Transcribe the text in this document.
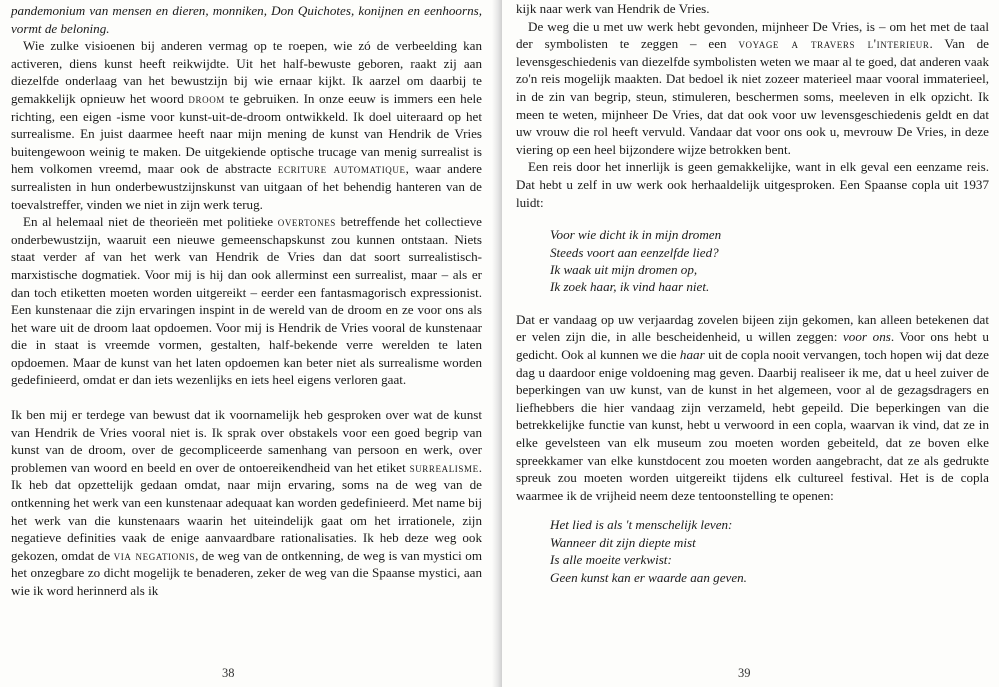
pandemonium van mensen en dieren, monniken, Don Quichotes, konijnen en eenhoorns, vormt de beloning.

Wie zulke visioenen bij anderen vermag op te roepen, wie zó de verbeelding kan activeren, diens kunst heeft reikwijdte. Uit het half-bewuste geboren, raakt zij aan diezelfde onderlaag van het bewustzijn bij wie ernaar kijkt. Ik aarzel om daarbij te gemakkelijk opnieuw het woord droom te gebruiken. In onze eeuw is immers een hele richting, een eigen -isme voor kunst-uit-de-droom ontwikkeld. Ik doel uiteraard op het surrealisme. En juist daarmee heeft naar mijn mening de kunst van Hendrik de Vries buitengewoon weinig te maken. De uitgekiende optische trucage van menig surrealist is hem volkomen vreemd, maar ook de abstracte ecriture automatique, waar andere surrealisten in hun onderbewustzijnskunst van uitgaan of het behendig hanteren van de toevalstreffer, vinden we niet in zijn werk terug.

En al helemaal niet de theorieën met politieke overtones betreffende het collectieve onderbewustzijn, waaruit een nieuwe gemeenschapskunst zou kunnen ontstaan. Niets staat verder af van het werk van Hendrik de Vries dan dat soort surrealistisch-marxistische dogmatiek. Voor mij is hij dan ook allerminst een surrealist, maar – als er dan toch etiketten moeten worden uitgereikt – eerder een fantasmagorisch expressionist. Een kunstenaar die zijn ervaringen inspint in de wereld van de droom en ze voor ons als het ware uit de droom laat opdoemen. Voor mij is Hendrik de Vries vooral de kunstenaar die in staat is vreemde vormen, gestalten, half-bekende verre werelden te laten opdoemen. Maar de kunst van het laten opdoemen kan beter niet als surrealisme worden gedefinieerd, omdat er dan iets wezenlijks en iets heel eigens verloren gaat.

Ik ben mij er terdege van bewust dat ik voornamelijk heb gesproken over wat de kunst van Hendrik de Vries vooral niet is. Ik sprak over obstakels voor een goed begrip van kunst van de droom, over de gecompliceerde samenhang van persoon en werk, over problemen van woord en beeld en over de ontoereikendheid van het etiket surrealisme. Ik heb dat opzettelijk gedaan omdat, naar mijn ervaring, soms na de weg van de ontkenning het werk van een kunstenaar adequaat kan worden gedefinieerd. Met name bij het werk van die kunstenaars waarin het uiteindelijk gaat om het irrationele, zijn negatieve definities vaak de enige aanvaardbare rationalisaties. Ik heb deze weg ook gekozen, omdat de via negationis, de weg van de ontkenning, de weg is van mystici om het onzegbare zo dicht mogelijk te benaderen, zeker de weg van die Spaanse mystici, aan wie ik word herinnerd als ik

38

kijk naar werk van Hendrik de Vries.

De weg die u met uw werk hebt gevonden, mijnheer De Vries, is – om het met de taal der symbolisten te zeggen – een voyage a travers l'interieur. Van de levensgeschiedenis van diezelfde symbolisten weten we maar al te goed, dat anderen vaak zo'n reis mogelijk maakten. Dat bedoel ik niet zozeer materieel maar vooral immaterieel, in de zin van begrip, steun, stimuleren, beschermen soms, meeleven in elk opzicht. Ik meen te weten, mijnheer De Vries, dat dat ook voor uw levensgeschiedenis geldt en dat uw vrouw die rol heeft vervuld. Vandaar dat voor ons ook u, mevrouw De Vries, in deze viering op een heel bijzondere wijze betrokken bent.

Een reis door het innerlijk is geen gemakkelijke, want in elk geval een eenzame reis. Dat hebt u zelf in uw werk ook herhaaldelijk uitgesproken. Een Spaanse copla uit 1937 luidt:

Voor wie dicht ik in mijn dromen
Steeds voort aan eenzelfde lied?
Ik waak uit mijn dromen op,
Ik zoek haar, ik vind haar niet.

Dat er vandaag op uw verjaardag zovelen bijeen zijn gekomen, kan alleen betekenen dat er velen zijn die, in alle bescheidenheid, u willen zeggen: voor ons. Voor ons hebt u gedicht. Ook al kunnen we die haar uit de copla nooit vervangen, toch hopen wij dat deze dag u daardoor enige voldoening mag geven. Daarbij realiseer ik me, dat u heel zuiver de beperkingen van uw kunst, van de kunst in het algemeen, voor al de gezagsdragers en liefhebbers die hier vandaag zijn verzameld, hebt gepeild. Die beperkingen van die betrekkelijke functie van kunst, hebt u verwoord in een copla, waarvan ik vind, dat ze in elke gevelsteen van elk museum zou moeten worden gebeiteld, dat ze boven elke spreekkamer van elke kunstdocent zou moeten worden aangebracht, dat ze als gedrukte spreuk zou moeten worden uitgereikt tijdens elk cultureel festival. Het is de copla waarmee ik de vrijheid neem deze tentoonstelling te openen:

Het lied is als 't menschelijk leven:
Wanneer dit zijn diepte mist
Is alle moeite verkwist:
Geen kunst kan er waarde aan geven.
39
